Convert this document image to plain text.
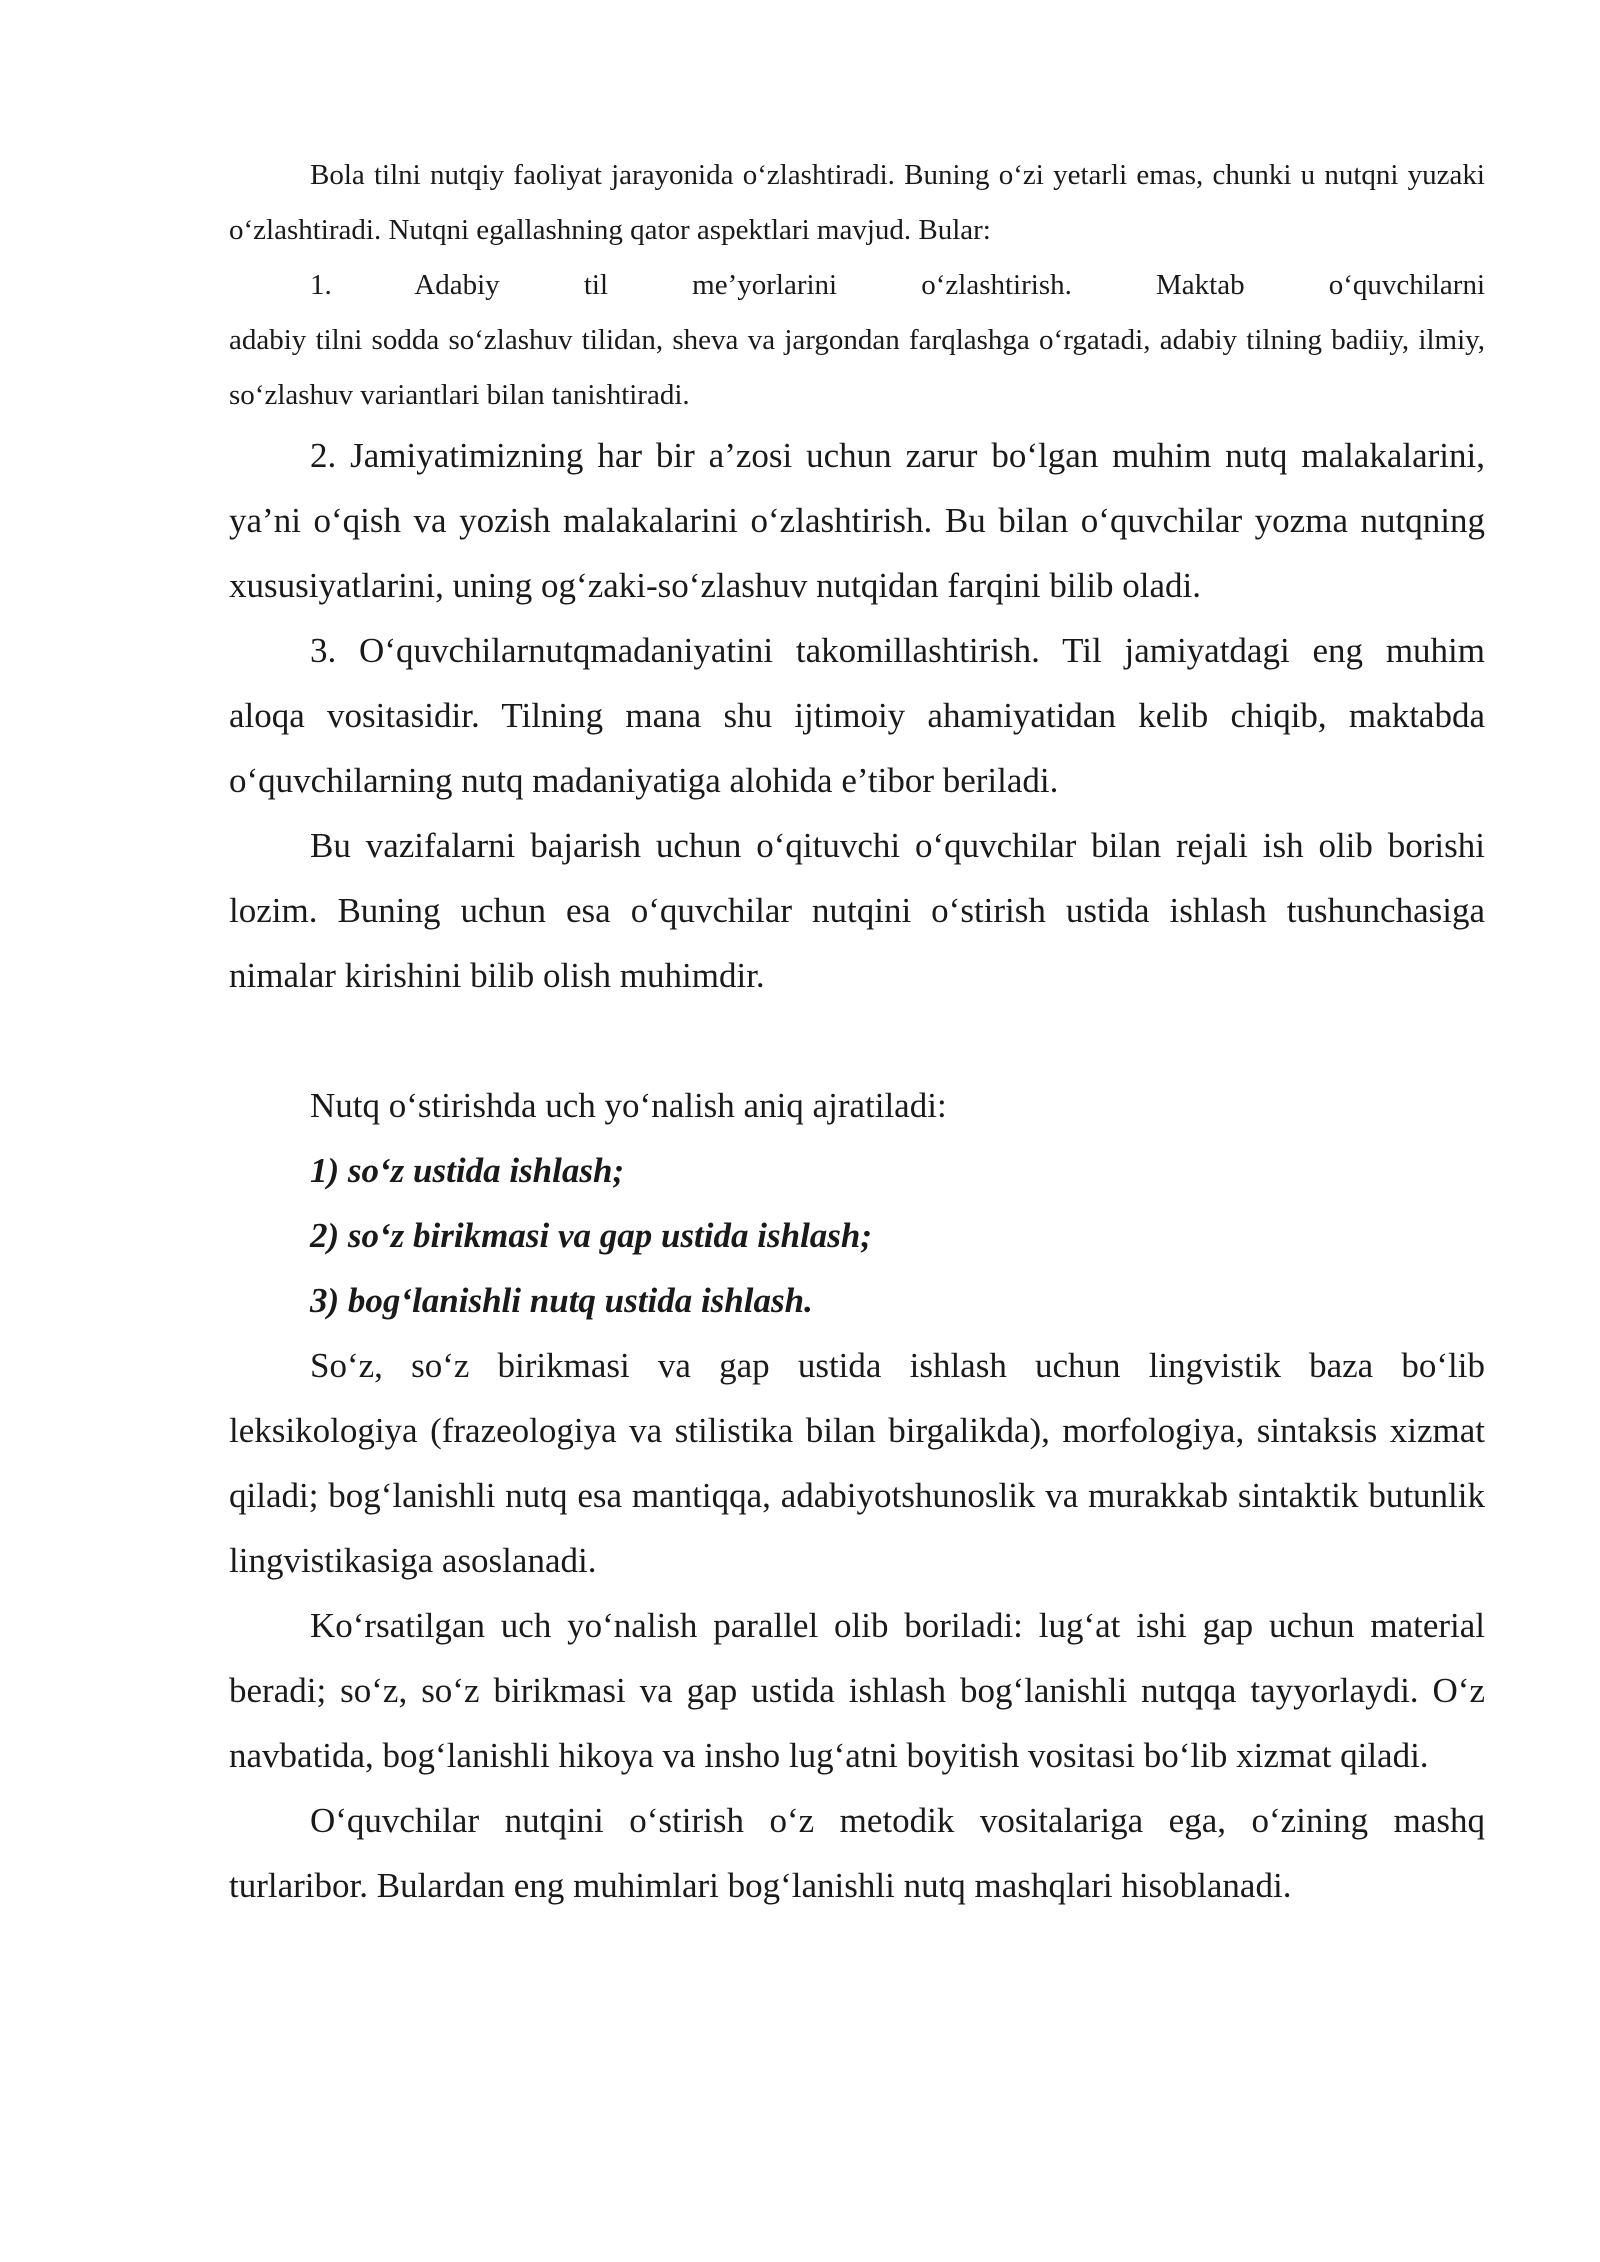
Bola tilni nutqiy faoliyat jarayonida o‘zlashtiradi. Buning o‘zi yetarli emas, chunki u nutqni yuzaki o‘zlashtiradi. Nutqni egallashning qator aspektlari mavjud. Bular:

1. Adabiy til me’yorlarini o‘zlashtirish. Maktab o‘quvchilarni

adabiy tilni sodda so‘zlashuv tilidan, sheva va jargondan farqlashga o‘rgatadi, adabiy tilning badiiy, ilmiy, so‘zlashuv variantlari bilan tanishtiradi.

2. Jamiyatimizning har bir a’zosi uchun zarur bo‘lgan muhim nutq malakalarini, ya’ni o‘qish va yozish malakalarini o‘zlashtirish. Bu bilan o‘quvchilar yozma nutqning xususiyatlarini, uning og‘zaki-so‘zlashuv nutqidan farqini bilib oladi.

3. O‘quvchilarnutqmadaniyatini takomillashtirish. Til jamiyatdagi eng muhim aloqa vositasidir. Tilning mana shu ijtimoiy ahamiyatidan kelib chiqib, maktabda o‘quvchilarning nutq madaniyatiga alohida e’tibor beriladi.

Bu vazifalarni bajarish uchun o‘qituvchi o‘quvchilar bilan rejali ish olib borishi lozim. Buning uchun esa o‘quvchilar nutqini o‘stirish ustida ishlash tushunchasiga nimalar kirishini bilib olish muhimdir.

Nutq o‘stirishda uch yo‘nalish aniq ajratiladi:

1) so‘z ustida ishlash;

2) so‘z birikmasi va gap ustida ishlash;

3) bog‘lanishli nutq ustida ishlash.

So‘z, so‘z birikmasi va gap ustida ishlash uchun lingvistik baza bo‘lib leksikologiya (frazeologiya va stilistika bilan birgalikda), morfologiya, sintaksis xizmat qiladi; bog‘lanishli nutq esa mantiqqa, adabiyotshunoslik va murakkab sintaktik butunlik lingvistikasiga asoslanadi.

Ko‘rsatilgan uch yo‘nalish parallel olib boriladi: lug‘at ishi gap uchun material beradi; so‘z, so‘z birikmasi va gap ustida ishlash bog‘lanishli nutqqa tayyorlaydi. O‘z navbatida, bog‘lanishli hikoya va insho lug‘atni boyitish vositasi bo‘lib xizmat qiladi.

O‘quvchilar nutqini o‘stirish o‘z metodik vositalariga ega, o‘zining mashq turlaribor. Bulardan eng muhimlari bog‘lanishli nutq mashqlari hisoblanadi.
